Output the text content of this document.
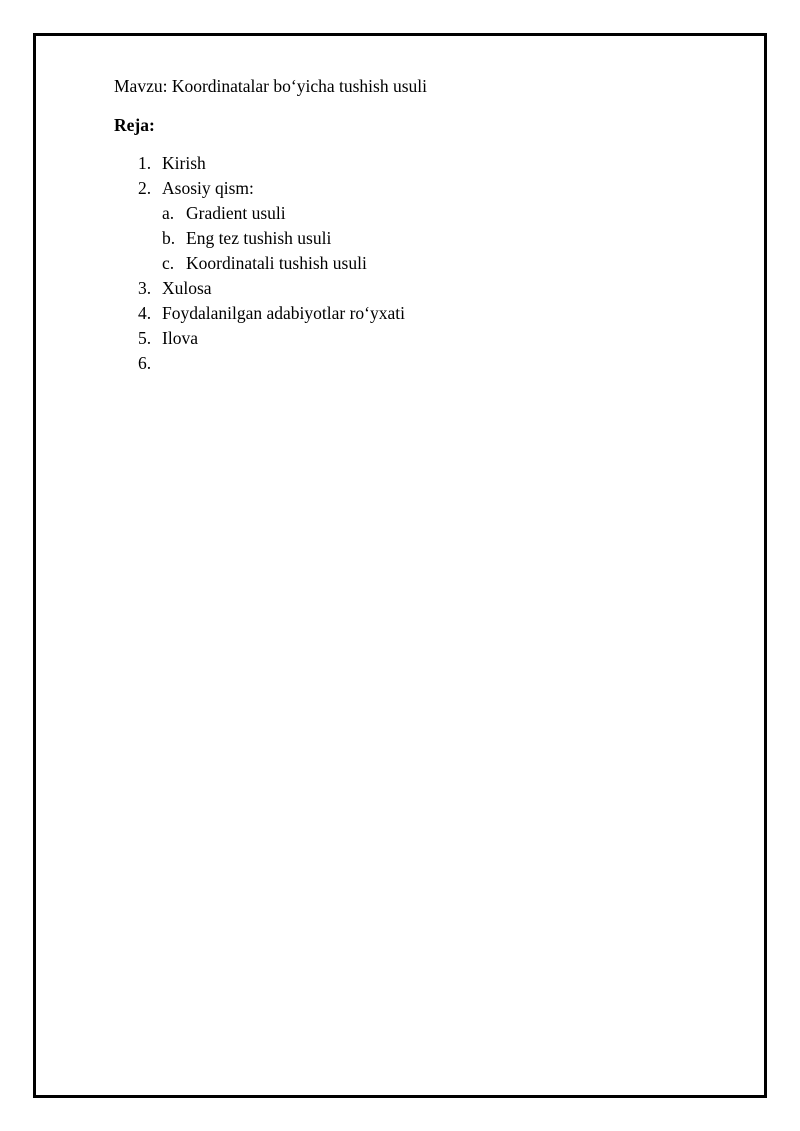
Mavzu: Koordinatalar bo‘yicha tushish usuli

Reja:

1. Kirish
2. Asosiy qism:
a. Gradient usuli
b. Eng tez tushish usuli
c. Koordinatali tushish usuli
3. Xulosa
4. Foydalanilgan adabiyotlar ro‘yxati
5. Ilova
6.
